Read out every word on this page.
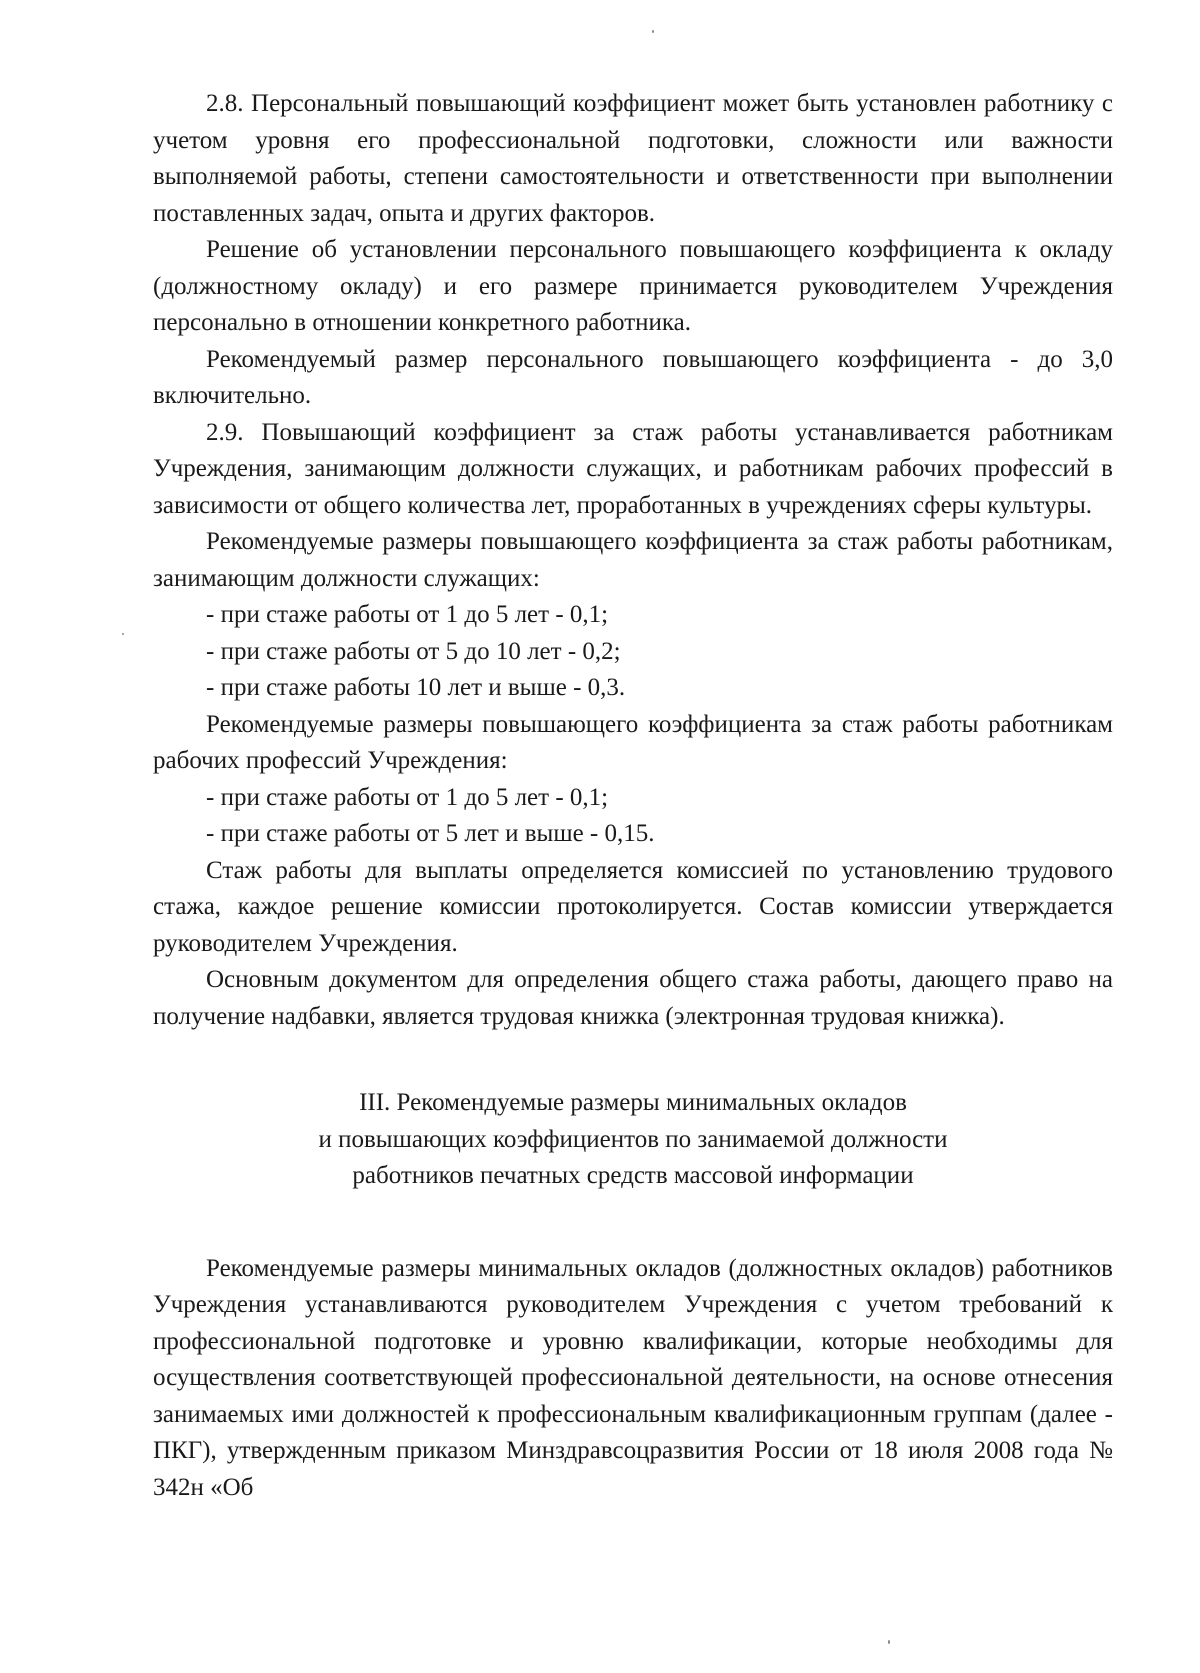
2.8. Персональный повышающий коэффициент может быть установлен работнику с учетом уровня его профессиональной подготовки, сложности или важности выполняемой работы, степени самостоятельности и ответственности при выполнении поставленных задач, опыта и других факторов.

Решение об установлении персонального повышающего коэффициента к окладу (должностному окладу) и его размере принимается руководителем Учреждения персонально в отношении конкретного работника.

Рекомендуемый размер персонального повышающего коэффициента - до 3,0 включительно.

2.9. Повышающий коэффициент за стаж работы устанавливается работникам Учреждения, занимающим должности служащих, и работникам рабочих профессий в зависимости от общего количества лет, проработанных в учреждениях сферы культуры.

Рекомендуемые размеры повышающего коэффициента за стаж работы работникам, занимающим должности служащих:

- при стаже работы от 1 до 5 лет - 0,1;

- при стаже работы от 5 до 10 лет - 0,2;

- при стаже работы 10 лет и выше - 0,3.

Рекомендуемые размеры повышающего коэффициента за стаж работы работникам рабочих профессий Учреждения:

- при стаже работы от 1 до 5 лет - 0,1;

- при стаже работы от 5 лет и выше - 0,15.

Стаж работы для выплаты определяется комиссией по установлению трудового стажа, каждое решение комиссии протоколируется. Состав комиссии утверждается руководителем Учреждения.

Основным документом для определения общего стажа работы, дающего право на получение надбавки, является трудовая книжка (электронная трудовая книжка).

III. Рекомендуемые размеры минимальных окладов
и повышающих коэффициентов по занимаемой должности
работников печатных средств массовой информации

Рекомендуемые размеры минимальных окладов (должностных окладов) работников Учреждения устанавливаются руководителем Учреждения с учетом требований к профессиональной подготовке и уровню квалификации, которые необходимы для осуществления соответствующей профессиональной деятельности, на основе отнесения занимаемых ими должностей к профессиональным квалификационным группам (далее - ПКГ), утвержденным приказом Минздравсоцразвития России от 18 июля 2008 года № 342н «Об
